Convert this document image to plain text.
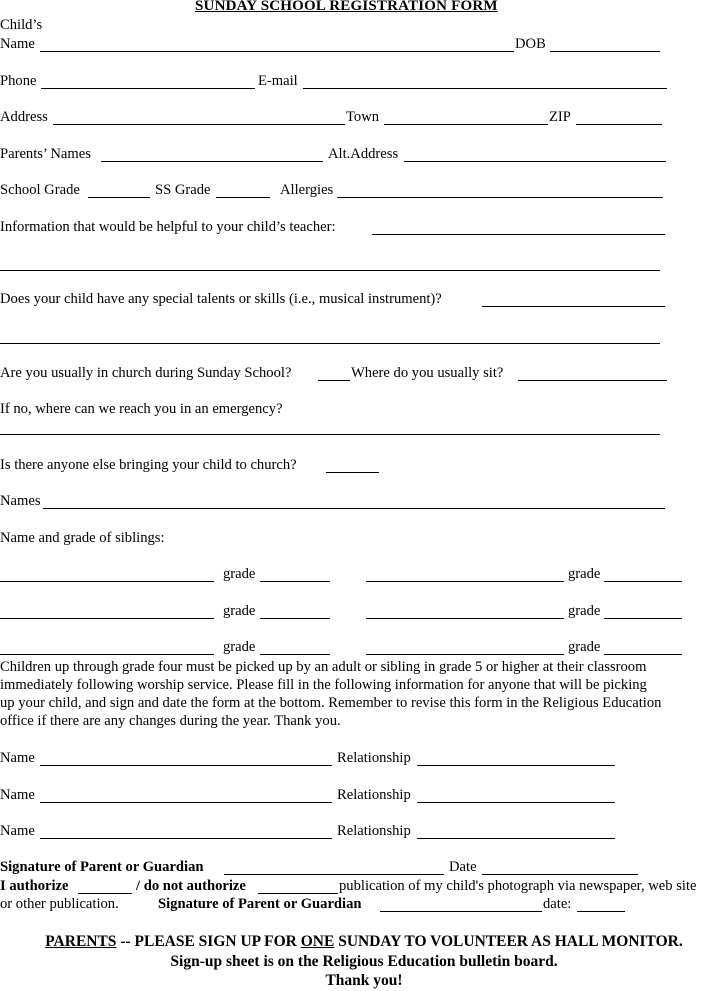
SUNDAY SCHOOL REGISTRATION FORM
Child’s
Name	DOB
Phone	E-mail
Address	Town	ZIP
Parents’ Names	Alt.Address
School Grade	SS Grade	Allergies
Information that would be helpful to your child’s teacher:
Does your child have any special talents or skills (i.e., musical instrument)?
Are you usually in church during Sunday School?	Where do you usually sit?
If no, where can we reach you in an emergency?
Is there anyone else bringing your child to church?
Names
Name and grade of siblings:
grade	grade
grade	grade
grade	grade
Children up through grade four must be picked up by an adult or sibling in grade 5 or higher at their classroom
immediately following worship service. Please fill in the following information for anyone that will be picking
up your child, and sign and date the form at the bottom. Remember to revise this form in the Religious Education
office if there are any changes during the year. Thank you.
Name	Relationship
Name	Relationship
Name	Relationship
Signature of Parent or Guardian	Date
I authorize	/ do not authorize	publication of my child's photograph via newspaper, web site
or other publication.	Signature of Parent or Guardian	date:
PARENTS -- PLEASE SIGN UP FOR ONE SUNDAY TO VOLUNTEER AS HALL MONITOR.
Sign-up sheet is on the Religious Education bulletin board.
Thank you!
